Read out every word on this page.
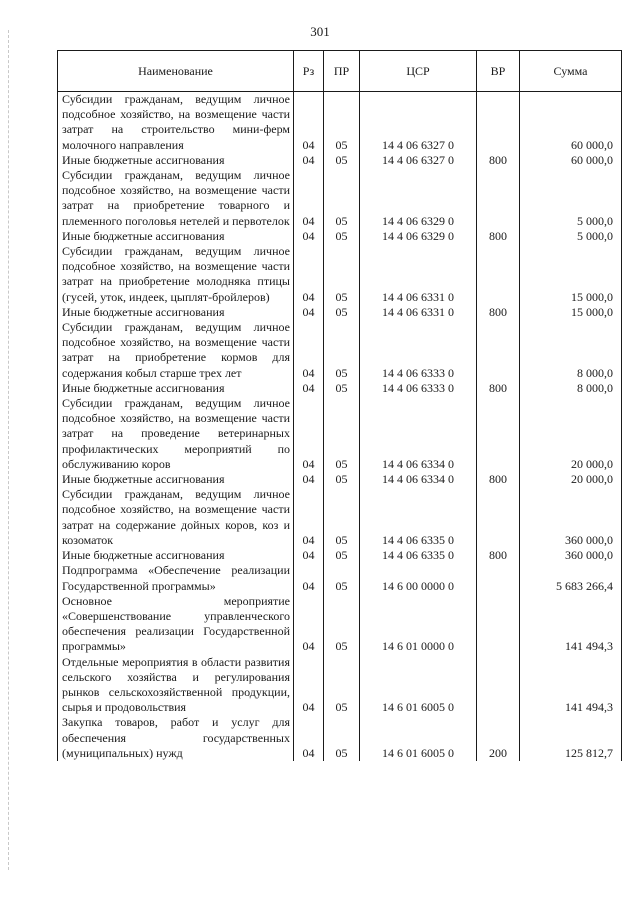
301
Наименование	Рз	ПР	ЦСР	ВР	Сумма
Субсидии гражданам, ведущим личное подсобное хозяйство, на возмещение части затрат на строительство мини-ферм молочного направления	04	05	14 4 06 6327 0		60 000,0
Иные бюджетные ассигнования	04	05	14 4 06 6327 0	800	60 000,0
Субсидии гражданам, ведущим личное подсобное хозяйство, на возмещение части затрат на приобретение товарного и племенного поголовья нетелей и первотелок	04	05	14 4 06 6329 0		5 000,0
Иные бюджетные ассигнования	04	05	14 4 06 6329 0	800	5 000,0
Субсидии гражданам, ведущим личное подсобное хозяйство, на возмещение части затрат на приобретение молодняка птицы (гусей, уток, индеек, цыплят-бройлеров)	04	05	14 4 06 6331 0		15 000,0
Иные бюджетные ассигнования	04	05	14 4 06 6331 0	800	15 000,0
Субсидии гражданам, ведущим личное подсобное хозяйство, на возмещение части затрат на приобретение кормов для содержания кобыл старше трех лет	04	05	14 4 06 6333 0		8 000,0
Иные бюджетные ассигнования	04	05	14 4 06 6333 0	800	8 000,0
Субсидии гражданам, ведущим личное подсобное хозяйство, на возмещение части затрат на проведение ветеринарных профилактических мероприятий по обслуживанию коров	04	05	14 4 06 6334 0		20 000,0
Иные бюджетные ассигнования	04	05	14 4 06 6334 0	800	20 000,0
Субсидии гражданам, ведущим личное подсобное хозяйство, на возмещение части затрат на содержание дойных коров, коз и козоматок	04	05	14 4 06 6335 0		360 000,0
Иные бюджетные ассигнования	04	05	14 4 06 6335 0	800	360 000,0
Подпрограмма «Обеспечение реализации Государственной программы»	04	05	14 6 00 0000 0		5 683 266,4
Основное мероприятие «Совершенствование управленческого обеспечения реализации Государственной программы»	04	05	14 6 01 0000 0		141 494,3
Отдельные мероприятия в области развития сельского хозяйства и регулирования рынков сельскохозяйственной продукции, сырья и продовольствия	04	05	14 6 01 6005 0		141 494,3
Закупка товаров, работ и услуг для обеспечения государственных (муниципальных) нужд	04	05	14 6 01 6005 0	200	125 812,7
